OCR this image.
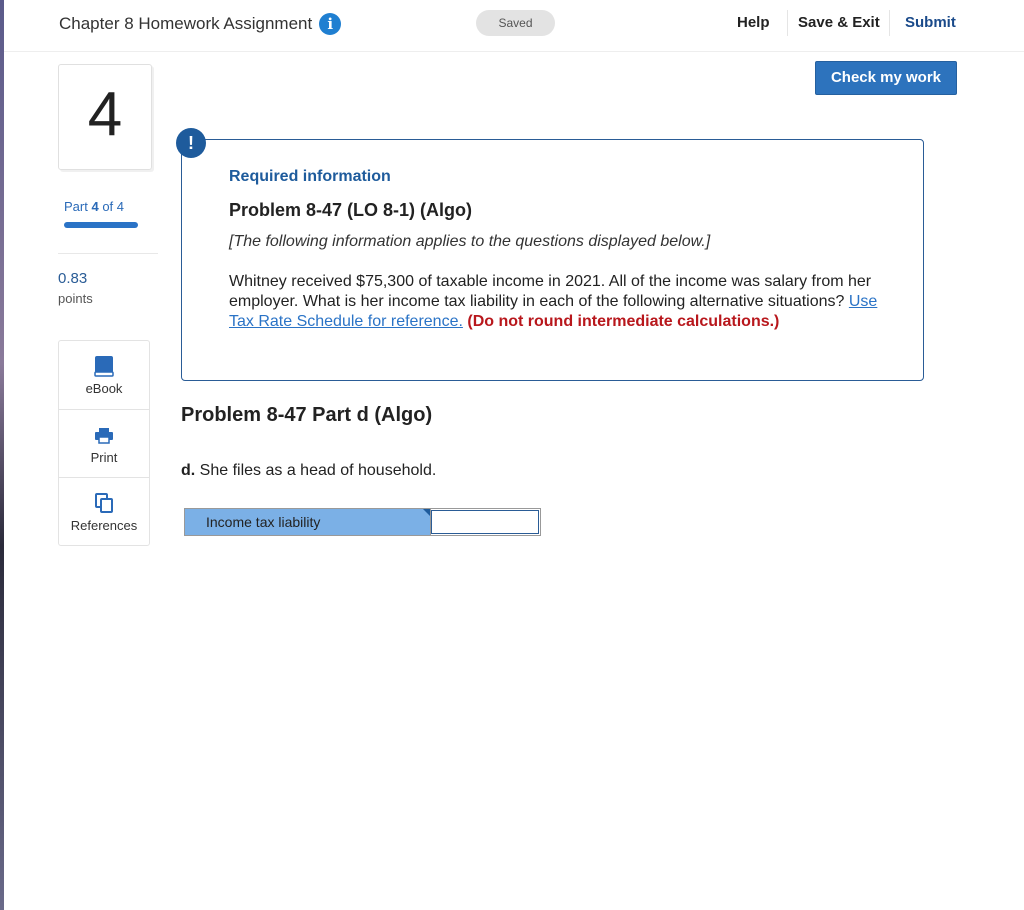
Chapter 8 Homework Assignment	i	Saved	Help Save & Exit Submit
4
Part 4 of 4
0.83
points
eBook
Print
References
Check my work
!
Required information
Problem 8-47 (LO 8-1) (Algo)
[The following information applies to the questions displayed below.]
Whitney received $75,300 of taxable income in 2021. All of the income was salary from her employer. What is her income tax liability in each of the following alternative situations? Use Tax Rate Schedule for reference. (Do not round intermediate calculations.)
Problem 8-47 Part d (Algo)
d. She files as a head of household.
Income tax liability
